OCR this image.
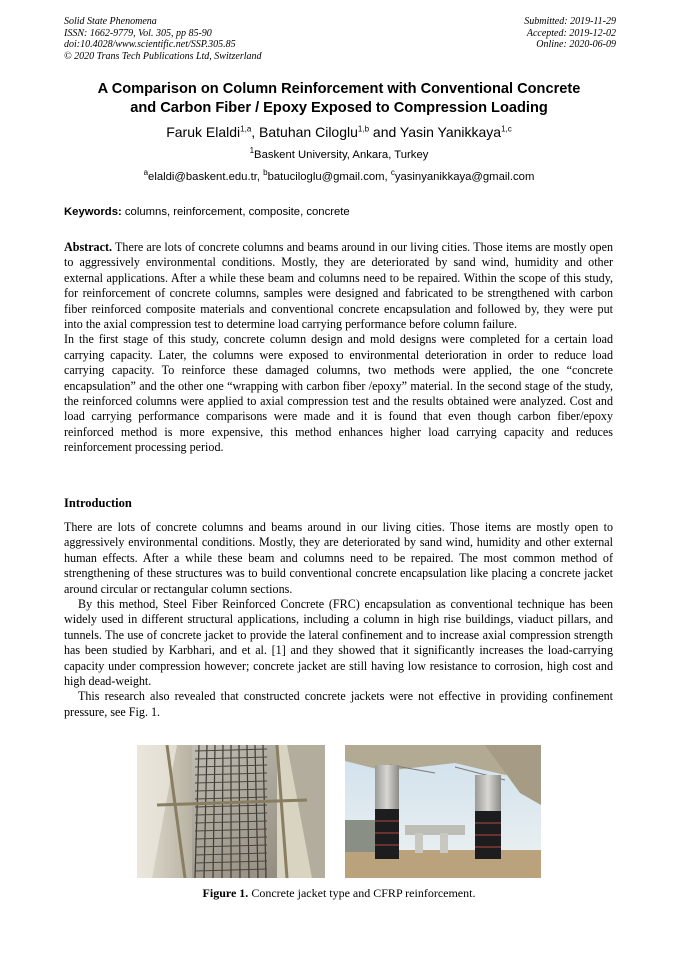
Solid State Phenomena
ISSN: 1662-9779, Vol. 305, pp 85-90
doi:10.4028/www.scientific.net/SSP.305.85
© 2020 Trans Tech Publications Ltd, Switzerland
Submitted: 2019-11-29
Accepted: 2019-12-02
Online: 2020-06-09
A Comparison on Column Reinforcement with Conventional Concrete
and Carbon Fiber / Epoxy Exposed to Compression Loading
Faruk Elaldi$^{1,a}$, Batuhan Ciloglu$^{1,b}$ and Yasin Yanikkaya$^{1,c}$
$^1$Baskent University, Ankara, Turkey
$^a$elaldi@baskent.edu.tr, $^b$batuciloglu@gmail.com, $^c$yasinyanikkaya@gmail.com
Keywords: columns, reinforcement, composite, concrete

Abstract. There are lots of concrete columns and beams around in our living cities. Those items are mostly open to aggressively environmental conditions. Mostly, they are deteriorated by sand wind, humidity and other external applications. After a while these beam and columns need to be repaired. Within the scope of this study, for reinforcement of concrete columns, samples were designed and fabricated to be strengthened with carbon fiber reinforced composite materials and conventional concrete encapsulation and followed by, they were put into the axial compression test to determine load carrying performance before column failure.

In the first stage of this study, concrete column design and mold designs were completed for a certain load carrying capacity. Later, the columns were exposed to environmental deterioration in order to reduce load carrying capacity. To reinforce these damaged columns, two methods were applied, the one “concrete encapsulation” and the other one “wrapping with carbon fiber /epoxy” material. In the second stage of the study, the reinforced columns were applied to axial compression test and the results obtained were analyzed. Cost and load carrying performance comparisons were made and it is found that even though carbon fiber/epoxy reinforced method is more expensive, this method enhances higher load carrying capacity and reduces reinforcement processing period.

Introduction

There are lots of concrete columns and beams around in our living cities. Those items are mostly open to aggressively environmental conditions. Mostly, they are deteriorated by sand wind, humidity and other external human effects. After a while these beam and columns need to be repaired. The most common method of strengthening of these structures was to build conventional concrete encapsulation like placing a concrete jacket around circular or rectangular column sections.

By this method, Steel Fiber Reinforced Concrete (FRC) encapsulation as conventional technique has been widely used in different structural applications, including a column in high rise buildings, viaduct pillars, and tunnels. The use of concrete jacket to provide the lateral confinement and to increase axial compression strength has been studied by Karbhari, and et al. [1] and they showed that it significantly increases the load-carrying capacity under compression however; concrete jacket are still having low resistance to corrosion, high cost and high dead-weight.

This research also revealed that constructed concrete jackets were not effective in providing confinement pressure, see Fig. 1.

Figure 1. Concrete jacket type and CFRP reinforcement.
